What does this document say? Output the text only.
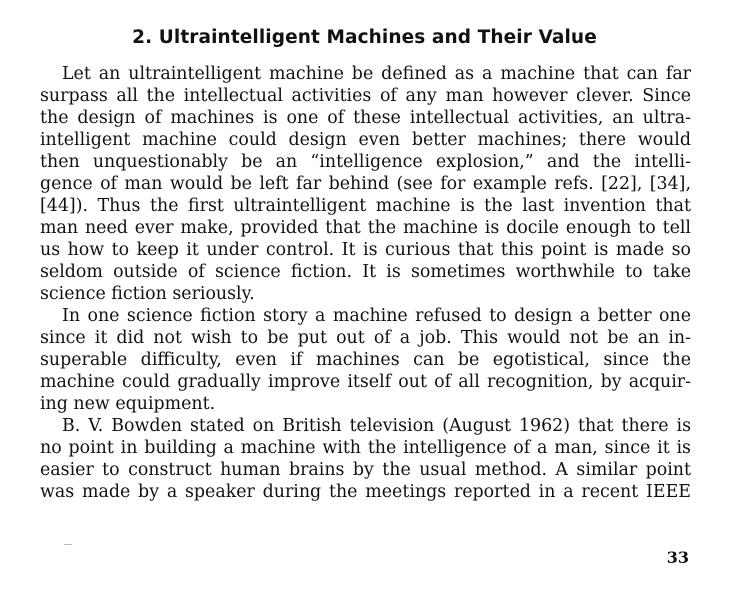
2. Ultraintelligent Machines and Their Value
Let an ultraintelligent machine be defined as a machine that can far
surpass all the intellectual activities of any man however clever. Since
the design of machines is one of these intellectual activities, an ultra-
intelligent machine could design even better machines; there would
then unquestionably be an “intelligence explosion,” and the intelli-
gence of man would be left far behind (see for example refs. [22], [34],
[44]). Thus the first ultraintelligent machine is the last invention that
man need ever make, provided that the machine is docile enough to tell
us how to keep it under control. It is curious that this point is made so
seldom outside of science fiction. It is sometimes worthwhile to take
science fiction seriously.
In one science fiction story a machine refused to design a better one
since it did not wish to be put out of a job. This would not be an in-
superable difficulty, even if machines can be egotistical, since the
machine could gradually improve itself out of all recognition, by acquir-
ing new equipment.
B. V. Bowden stated on British television (August 1962) that there is
no point in building a machine with the intelligence of a man, since it is
easier to construct human brains by the usual method. A similar point
was made by a speaker during the meetings reported in a recent IEEE
33
